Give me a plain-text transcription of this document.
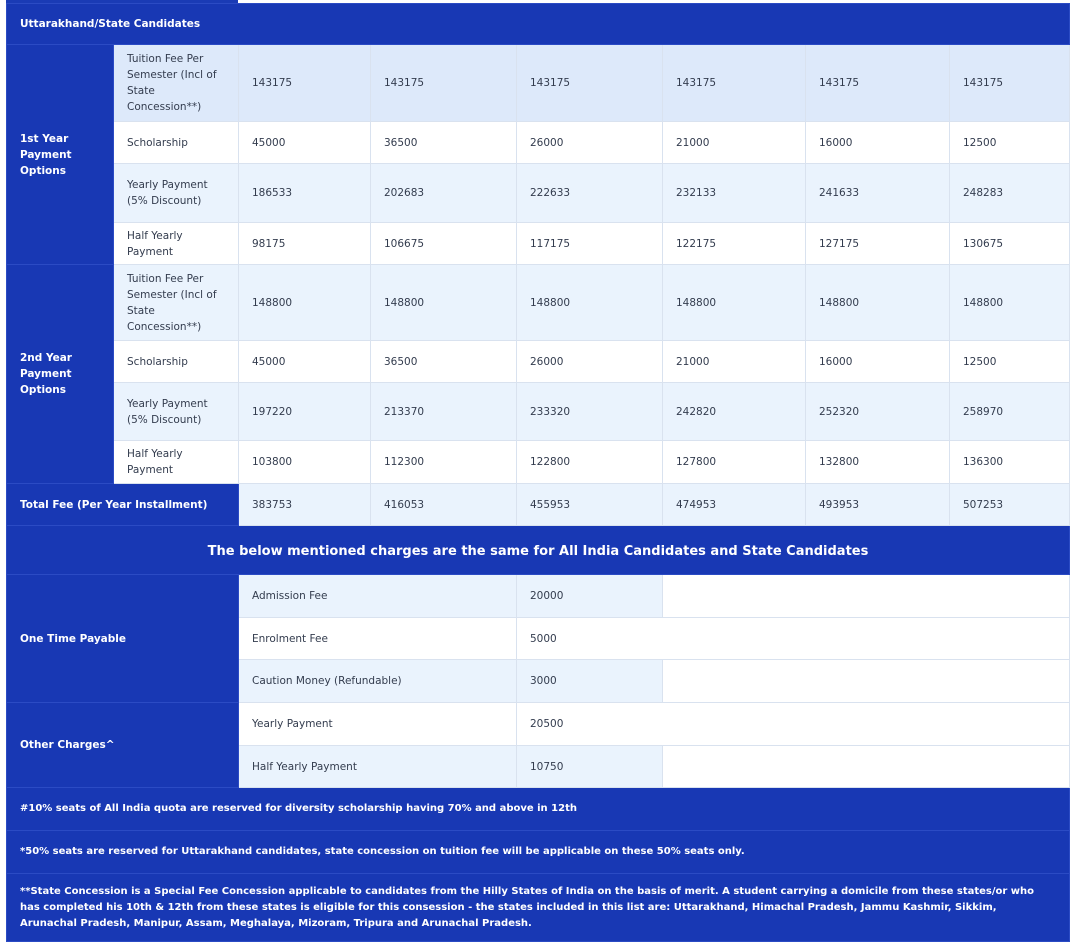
Uttarakhand/State Candidates							
1st Year Payment Options	Tuition Fee Per Semester (Incl of State Concession**)	143175	143175	143175	143175	143175	143175
	Scholarship	45000	36500	26000	21000	16000	12500
	Yearly Payment (5% Discount)	186533	202683	222633	232133	241633	248283
	Half Yearly Payment	98175	106675	117175	122175	127175	130675
2nd Year Payment Options	Tuition Fee Per Semester (Incl of State Concession**)	148800	148800	148800	148800	148800	148800
	Scholarship	45000	36500	26000	21000	16000	12500
	Yearly Payment (5% Discount)	197220	213370	233320	242820	252320	258970
	Half Yearly Payment	103800	112300	122800	127800	132800	136300
Total Fee (Per Year Installment)		383753	416053	455953	474953	493953	507253
The below mentioned charges are the same for All India Candidates and State Candidates							
One Time Payable		Admission Fee		20000			
		Enrolment Fee		5000			
		Caution Money (Refundable)		3000			
Other Charges^		Yearly Payment		20500			
		Half Yearly Payment		10750			
#10% seats of All India quota are reserved for diversity scholarship having 70% and above in 12th							
*50% seats are reserved for Uttarakhand candidates, state concession on tuition fee will be applicable on these 50% seats only.							
**State Concession is a Special Fee Concession applicable to candidates from the Hilly States of India on the basis of merit. A student carrying a domicile from these states/or who has completed his 10th & 12th from these states is eligible for this consession - the states included in this list are: Uttarakhand, Himachal Pradesh, Jammu Kashmir, Sikkim, Arunachal Pradesh, Manipur, Assam, Meghalaya, Mizoram, Tripura and Arunachal Pradesh.							
